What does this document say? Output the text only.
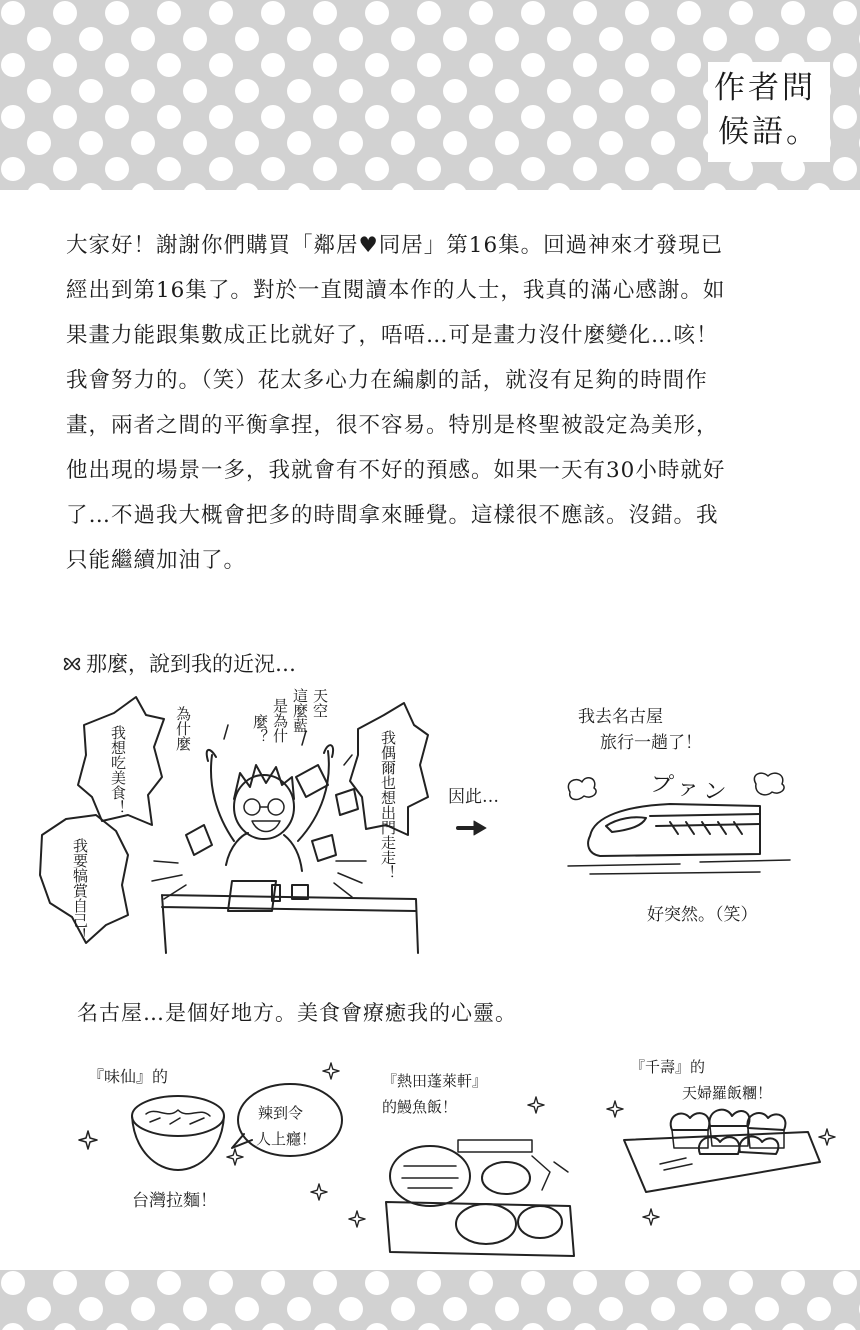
作者問
候語。
大家好！謝謝你們購買「鄰居♥同居」第16集。回過神來才發現已
經出到第16集了。對於一直閱讀本作的人士，我真的滿心感謝。如
果畫力能跟集數成正比就好了，唔唔…可是畫力沒什麼變化…咳！
我會努力的。（笑）花太多心力在編劇的話，就沒有足夠的時間作
畫，兩者之間的平衡拿捏，很不容易。特別是柊聖被設定為美形，
他出現的場景一多，我就會有不好的預感。如果一天有30小時就好
了…不過我大概會把多的時間拿來睡覺。這樣很不應該。沒錯。我
只能繼續加油了。
那麼，說到我的近況…
我想吃美食！
我要犒賞自己！
為什麼
天空
這麼藍
是為什
麼？
我偶爾也想出門走走！	因此…
我去名古屋
旅行一趟了！
プァン
好突然。（笑）
名古屋…是個好地方。美食會療癒我的心靈。
『味仙』的
辣到令
人上癮！
台灣拉麵！
『熱田蓬萊軒』
的鰻魚飯！
『千壽』的
天婦羅飯糰！
